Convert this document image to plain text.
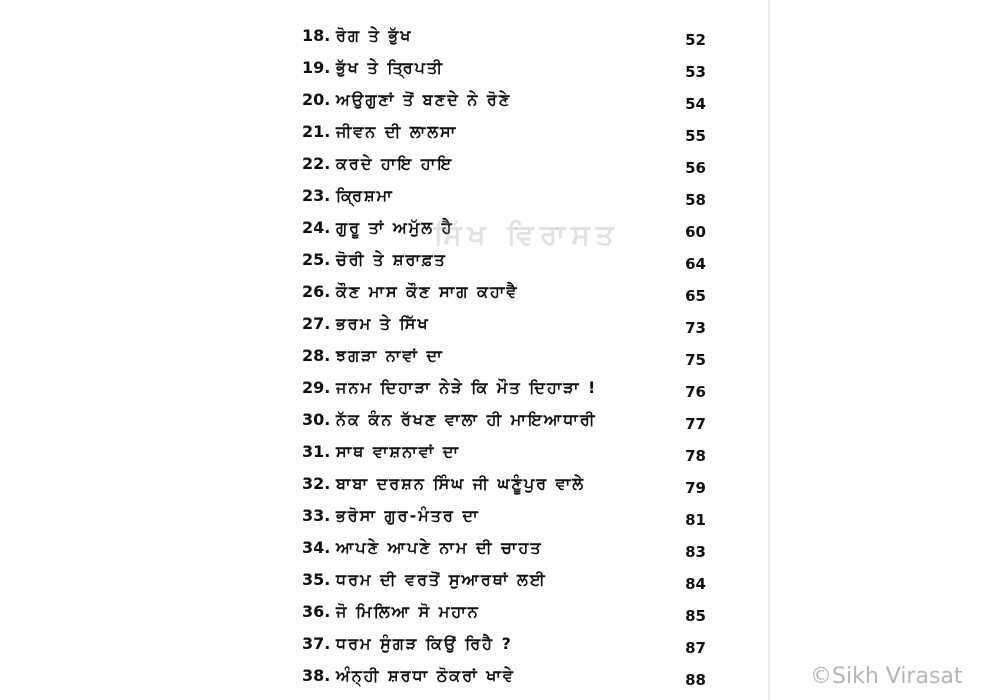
18. ਰੋਗ ਤੇ ਭੁੱਖ	52
19. ਭੁੱਖ ਤੇ ਤ੍ਰਿਪਤੀ	53
20. ਅਉਗੁਣਾਂ ਤੋਂ ਬਣਦੇ ਨੇ ਰੋਣੇ	54
21. ਜੀਵਨ ਦੀ ਲਾਲਸਾ	55
22. ਕਰਦੇ ਹਾਇ ਹਾਇ	56
23. ਕ੍ਰਿਸ਼ਮਾ	58
24. ਗੁਰੂ ਤਾਂ ਅਮੁੱਲ ਹੈ	60
25. ਚੋਰੀ ਤੇ ਸ਼ਰਾਫ਼ਤ	64
26. ਕੌਣ ਮਾਸ ਕੌਣ ਸਾਗ ਕਹਾਵੈ	65
27. ਭਰਮ ਤੇ ਸਿੱਖ	73
28. ਝਗੜਾ ਨਾਵਾਂ ਦਾ	75
29. ਜਨਮ ਦਿਹਾੜਾ ਨੇੜੇ ਕਿ ਮੌਤ ਦਿਹਾੜਾ !	76
30. ਨੱਕ ਕੰਨ ਰੱਖਣ ਵਾਲਾ ਹੀ ਮਾਇਆਧਾਰੀ	77
31. ਸਾਥ ਵਾਸ਼ਨਾਵਾਂ ਦਾ	78
32. ਬਾਬਾ ਦਰਸ਼ਨ ਸਿੰਘ ਜੀ ਘਣੂੰਪੁਰ ਵਾਲੇ	79
33. ਭਰੋਸਾ ਗੁਰ-ਮੰਤਰ ਦਾ	81
34. ਆਪਣੇ ਆਪਣੇ ਨਾਮ ਦੀ ਚਾਹਤ	83
35. ਧਰਮ ਦੀ ਵਰਤੋਂ ਸੁਆਰਥਾਂ ਲਈ	84
36. ਜੋ ਮਿਲਿਆ ਸੋ ਮਹਾਨ	85
37. ਧਰਮ ਸੁੰਗੜ ਕਿਉਂ ਰਿਹੈ ?	87
38. ਅੰਨ੍ਹੀ ਸ਼ਰਧਾ ਠੋਕਰਾਂ ਖਾਵੇ	88
ਸਿੱਖ ਵਿਰਾਸਤ
©Sikh Virasat
